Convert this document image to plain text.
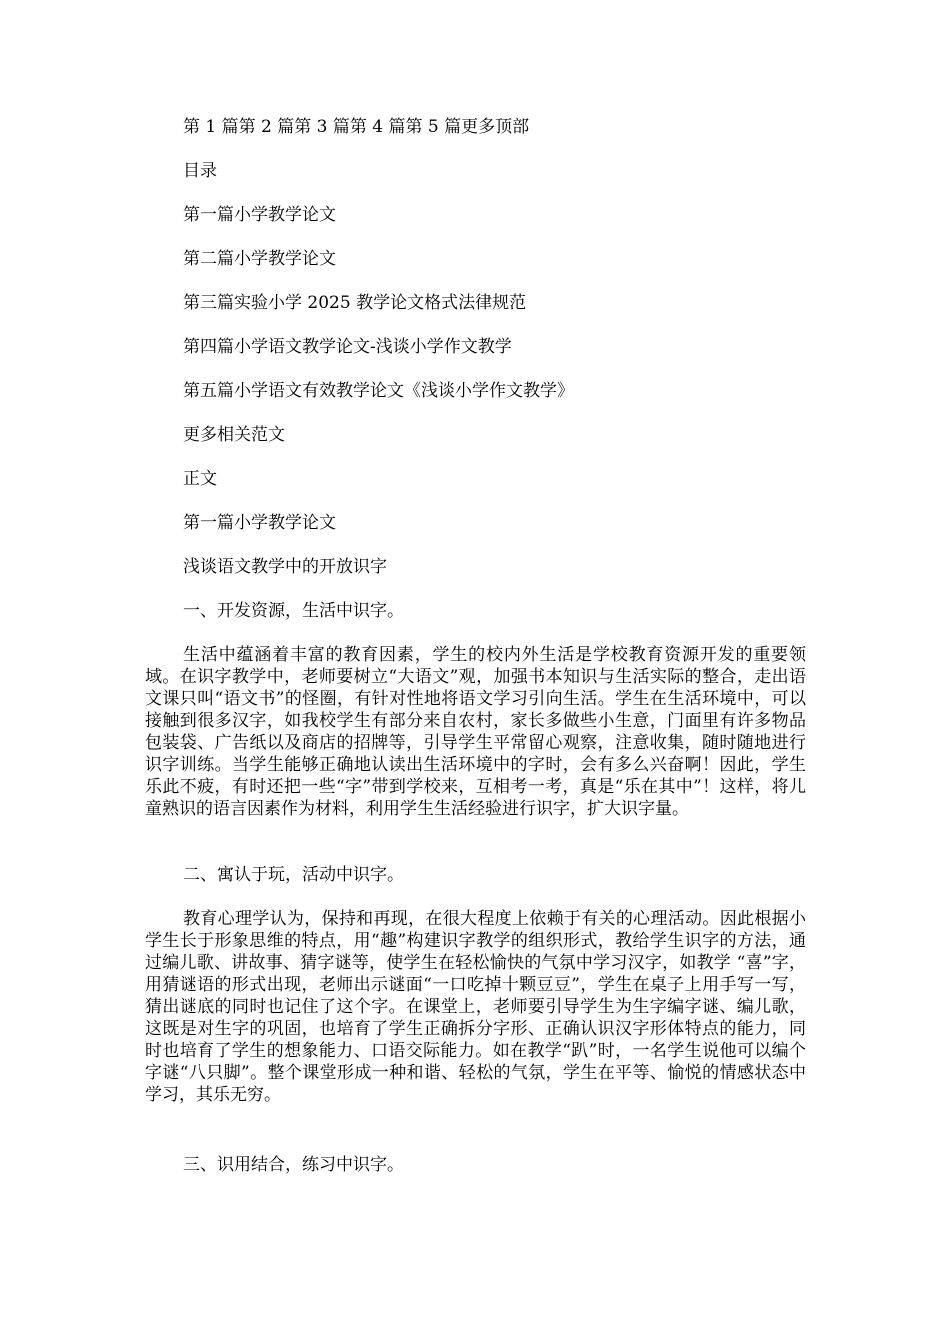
第 1 篇第 2 篇第 3 篇第 4 篇第 5 篇更多顶部

目录

第一篇小学教学论文

第二篇小学教学论文

第三篇实验小学 2025 教学论文格式法律规范

第四篇小学语文教学论文-浅谈小学作文教学

第五篇小学语文有效教学论文《浅谈小学作文教学》

更多相关范文

正文

第一篇小学教学论文

浅谈语文教学中的开放识字

一、开发资源，生活中识字。

生活中蕴涵着丰富的教育因素，学生的校内外生活是学校教育资源开发的重要领域。在识字教学中，老师要树立“大语文”观，加强书本知识与生活实际的整合，走出语文课只叫“语文书”的怪圈，有针对性地将语文学习引向生活。学生在生活环境中，可以接触到很多汉字，如我校学生有部分来自农村，家长多做些小生意，门面里有许多物品包装袋、广告纸以及商店的招牌等，引导学生平常留心观察，注意收集，随时随地进行识字训练。当学生能够正确地认读出生活环境中的字时，会有多么兴奋啊！因此，学生乐此不疲，有时还把一些“字”带到学校来，互相考一考，真是“乐在其中”！这样，将儿童熟识的语言因素作为材料，利用学生生活经验进行识字，扩大识字量。

二、寓认于玩，活动中识字。

教育心理学认为，保持和再现，在很大程度上依赖于有关的心理活动。因此根据小学生长于形象思维的特点，用“趣”构建识字教学的组织形式，教给学生识字的方法，通过编儿歌、讲故事、猜字谜等，使学生在轻松愉快的气氛中学习汉字，如教学 “喜”字，用猜谜语的形式出现，老师出示谜面“一口吃掉十颗豆豆”，学生在桌子上用手写一写，猜出谜底的同时也记住了这个字。在课堂上，老师要引导学生为生字编字谜、编儿歌，这既是对生字的巩固，也培育了学生正确拆分字形、正确认识汉字形体特点的能力，同时也培育了学生的想象能力、口语交际能力。如在教学“趴”时，一名学生说他可以编个字谜“八只脚”。整个课堂形成一种和谐、轻松的气氛，学生在平等、愉悦的情感状态中学习，其乐无穷。

三、识用结合，练习中识字。
